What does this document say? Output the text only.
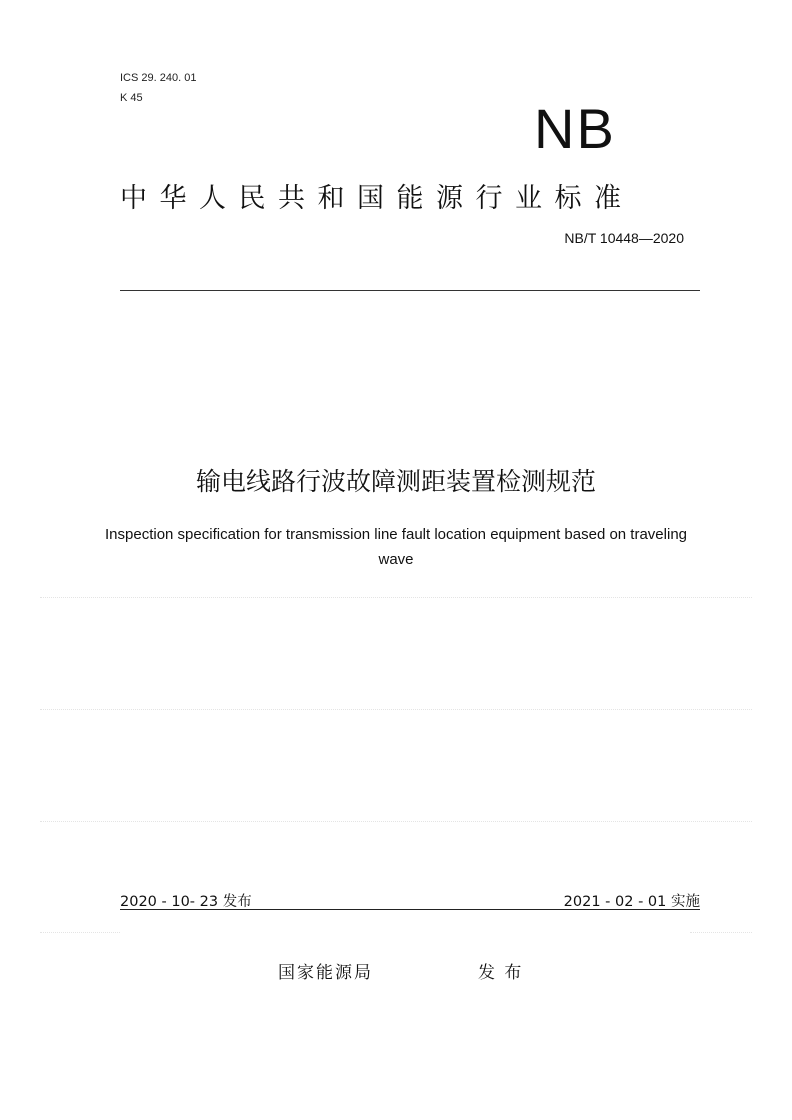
ICS 29. 240. 01
K 45	NB
中华人民共和国能源行业标准
NB/T 10448—2020
输电线路行波故障测距装置检测规范
Inspection specification for transmission line fault location equipment based on traveling wave
2020 - 10- 23 发布	2021 - 02 - 01 实施
国家能源局	发 布
